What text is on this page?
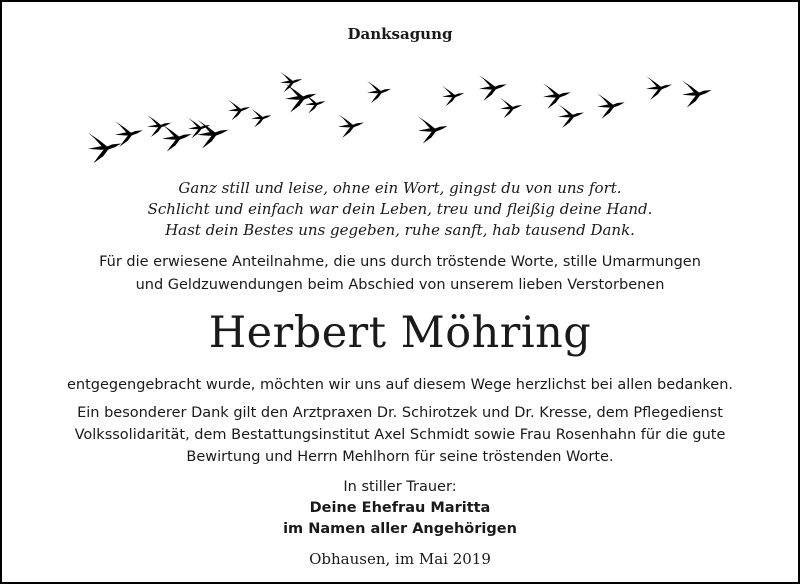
Danksagung
Ganz still und leise, ohne ein Wort, gingst du von uns fort.
Schlicht und einfach war dein Leben, treu und fleißig deine Hand.
Hast dein Bestes uns gegeben, ruhe sanft, hab tausend Dank.
Für die erwiesene Anteilnahme, die uns durch tröstende Worte, stille Umarmungen
und Geldzuwendungen beim Abschied von unserem lieben Verstorbenen
Herbert Möhring
entgegengebracht wurde, möchten wir uns auf diesem Wege herzlichst bei allen bedanken.
Ein besonderer Dank gilt den Arztpraxen Dr. Schirotzek und Dr. Kresse, dem Pflegedienst
Volkssolidarität, dem Bestattungsinstitut Axel Schmidt sowie Frau Rosenhahn für die gute
Bewirtung und Herrn Mehlhorn für seine tröstenden Worte.
In stiller Trauer:
Deine Ehefrau Maritta
im Namen aller Angehörigen
Obhausen, im Mai 2019
